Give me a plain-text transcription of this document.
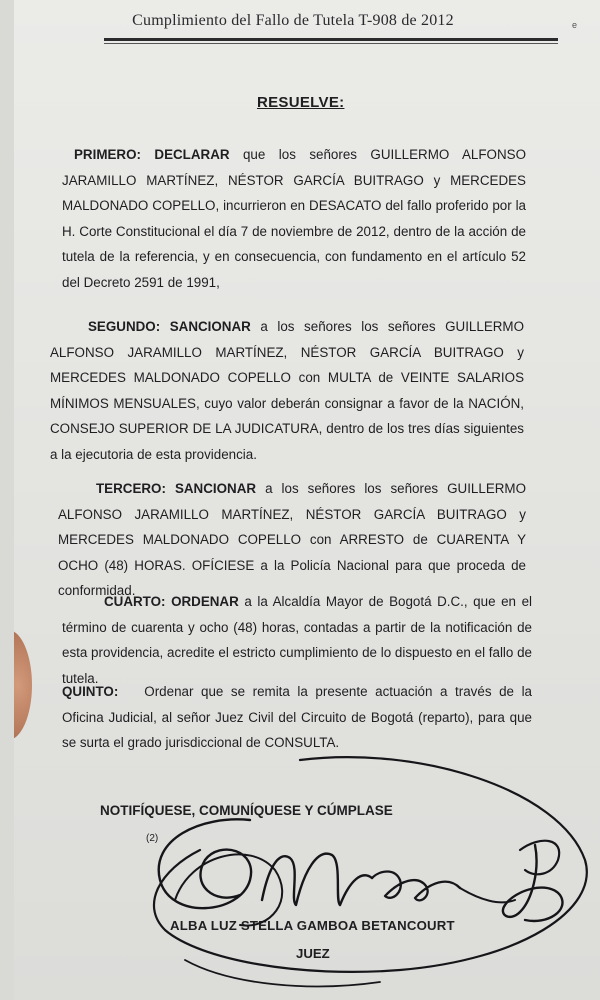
Cumplimiento del Fallo de Tutela T-908 de 2012	e
RESUELVE:
PRIMERO: DECLARAR que los señores GUILLERMO ALFONSO JARAMILLO MARTÍNEZ, NÉSTOR GARCÍA BUITRAGO y MERCEDES MALDONADO COPELLO, incurrieron en DESACATO del fallo proferido por la H. Corte Constitucional el día 7 de noviembre de 2012, dentro de la acción de tutela de la referencia, y en consecuencia, con fundamento en el artículo 52 del Decreto 2591 de 1991,
SEGUNDO: SANCIONAR a los señores los señores GUILLERMO ALFONSO JARAMILLO MARTÍNEZ, NÉSTOR GARCÍA BUITRAGO y MERCEDES MALDONADO COPELLO con MULTA de VEINTE SALARIOS MÍNIMOS MENSUALES, cuyo valor deberán consignar a favor de la NACIÓN, CONSEJO SUPERIOR DE LA JUDICATURA, dentro de los tres días siguientes a la ejecutoria de esta providencia.
TERCERO: SANCIONAR a los señores los señores GUILLERMO ALFONSO JARAMILLO MARTÍNEZ, NÉSTOR GARCÍA BUITRAGO y MERCEDES MALDONADO COPELLO con ARRESTO de CUARENTA Y OCHO (48) HORAS. OFÍCIESE a la Policía Nacional para que proceda de conformidad.
CUARTO: ORDENAR a la Alcaldía Mayor de Bogotá D.C., que en el término de cuarenta y ocho (48) horas, contadas a partir de la notificación de esta providencia, acredite el estricto cumplimiento de lo dispuesto en el fallo de tutela.
QUINTO: Ordenar que se remita la presente actuación a través de la Oficina Judicial, al señor Juez Civil del Circuito de Bogotá (reparto), para que se surta el grado jurisdiccional de CONSULTA.
NOTIFÍQUESE, COMUNÍQUESE Y CÚMPLASE
(2)
ALBA LUZ STELLA GAMBOA BETANCOURT
JUEZ
